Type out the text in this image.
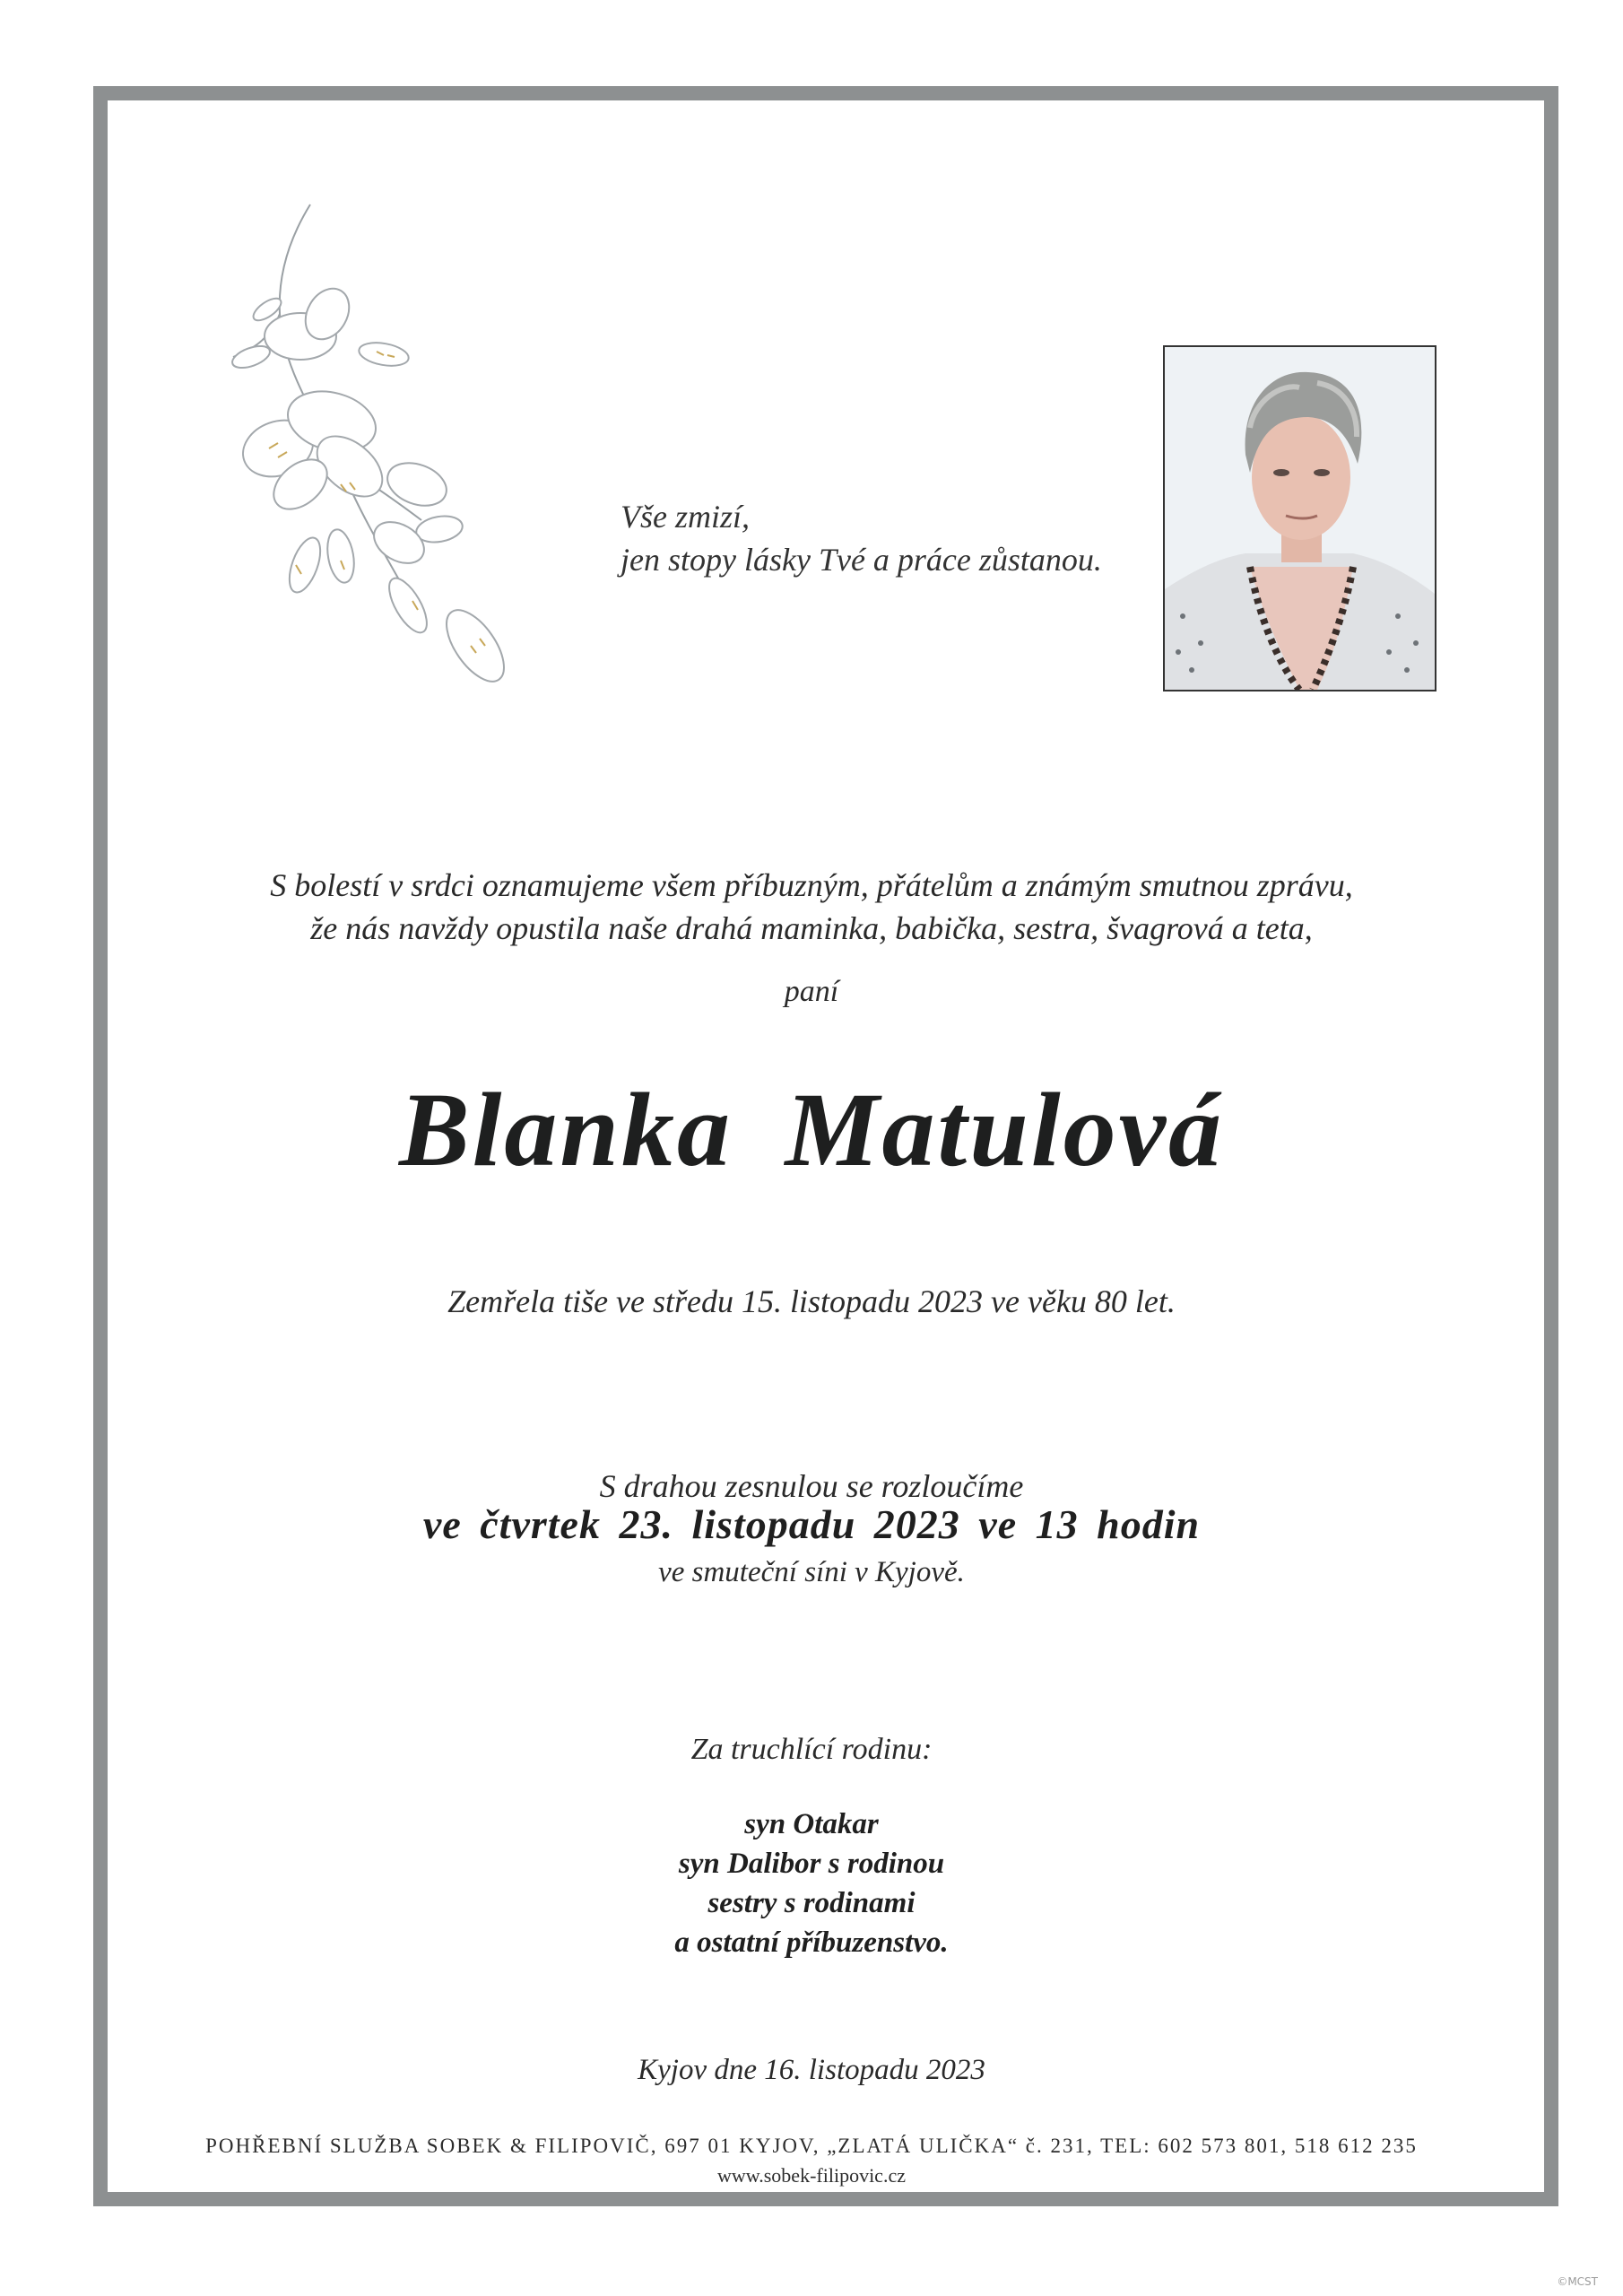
Vše zmizí,
jen stopy lásky Tvé a práce zůstanou.
S bolestí v srdci oznamujeme všem příbuzným, přátelům a známým smutnou zprávu,
že nás navždy opustila naše drahá maminka, babička, sestra, švagrová a teta,
paní
Blanka Matulová
Zemřela tiše ve středu 15. listopadu 2023 ve věku 80 let.
S drahou zesnulou se rozloučíme
ve čtvrtek 23. listopadu 2023 ve 13 hodin
ve smuteční síni v Kyjově.
Za truchlící rodinu:
syn Otakar
syn Dalibor s rodinou
sestry s rodinami
a ostatní příbuzenstvo.
Kyjov dne 16. listopadu 2023
POHŘEBNÍ SLUŽBA SOBEK & FILIPOVIČ, 697 01 KYJOV, „ZLATÁ ULIČKA“ č. 231, TEL: 602 573 801, 518 612 235
www.sobek-filipovic.cz
©MCST
